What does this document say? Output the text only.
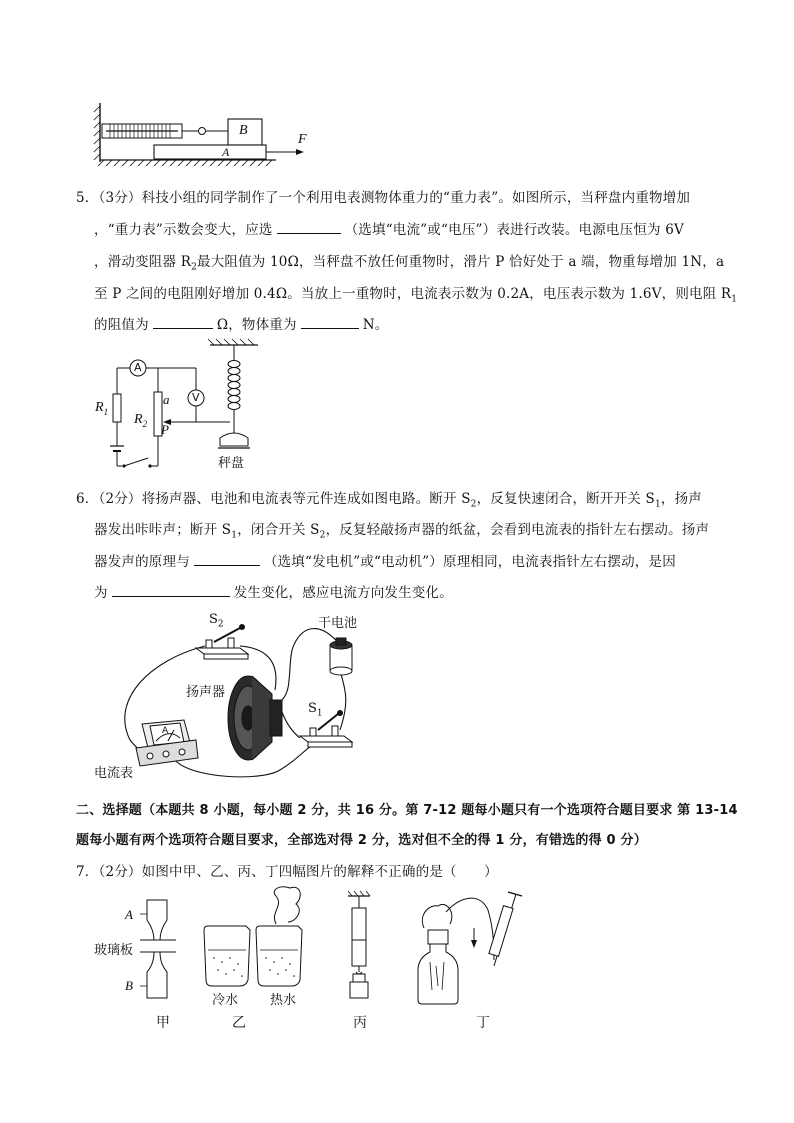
B
A
F
5．（3分）科技小组的同学制作了一个利用电表测物体重力的“重力表”。如图所示，当秤盘内重物增加
，“重力表”示数会变大，应选	（选填“电流”或“电压”）表进行改装。电源电压恒为 6V
，滑动变阻器 $R_2$最大阻值为 10Ω，当秤盘不放任何重物时，滑片 P 恰好处于 a 端，物重每增加 1N，a
至 P 之间的电阻刚好增加 0.4Ω。当放上一重物时，电流表示数为 0.2A，电压表示数为 1.6V，则电阻 $R_1$
的阻值为	Ω，物体重为	N。
A
V
$R_1$
$R_2$
a
P
秤盘
6．（2分）将扬声器、电池和电流表等元件连成如图电路。断开 $S_2$，反复快速闭合，断开开关 $S_1$，扬声
器发出咔咔声；断开 $S_1$，闭合开关 $S_2$，反复轻敲扬声器的纸盆，会看到电流表的指针左右摆动。扬声
器发声的原理与	（选填“发电机”或“电动机”）原理相同，电流表指针左右摆动，是因
为	发生变化，感应电流方向发生变化。
$S_2$	干电池
扬声器
$S_1$
A
电流表
二、选择题（本题共 8 小题，每小题 2 分，共 16 分。第 7-12 题每小题只有一个选项符合题目要求 第 13-14
题每小题有两个选项符合题目要求，全部选对得 2 分，选对但不全的得 1 分，有错选的得 0 分）
7．（2分）如图中甲、乙、丙、丁四幅图片的解释不正确的是（　　）
A
玻璃板
B
冷水 热水
甲	乙	丙	丁
